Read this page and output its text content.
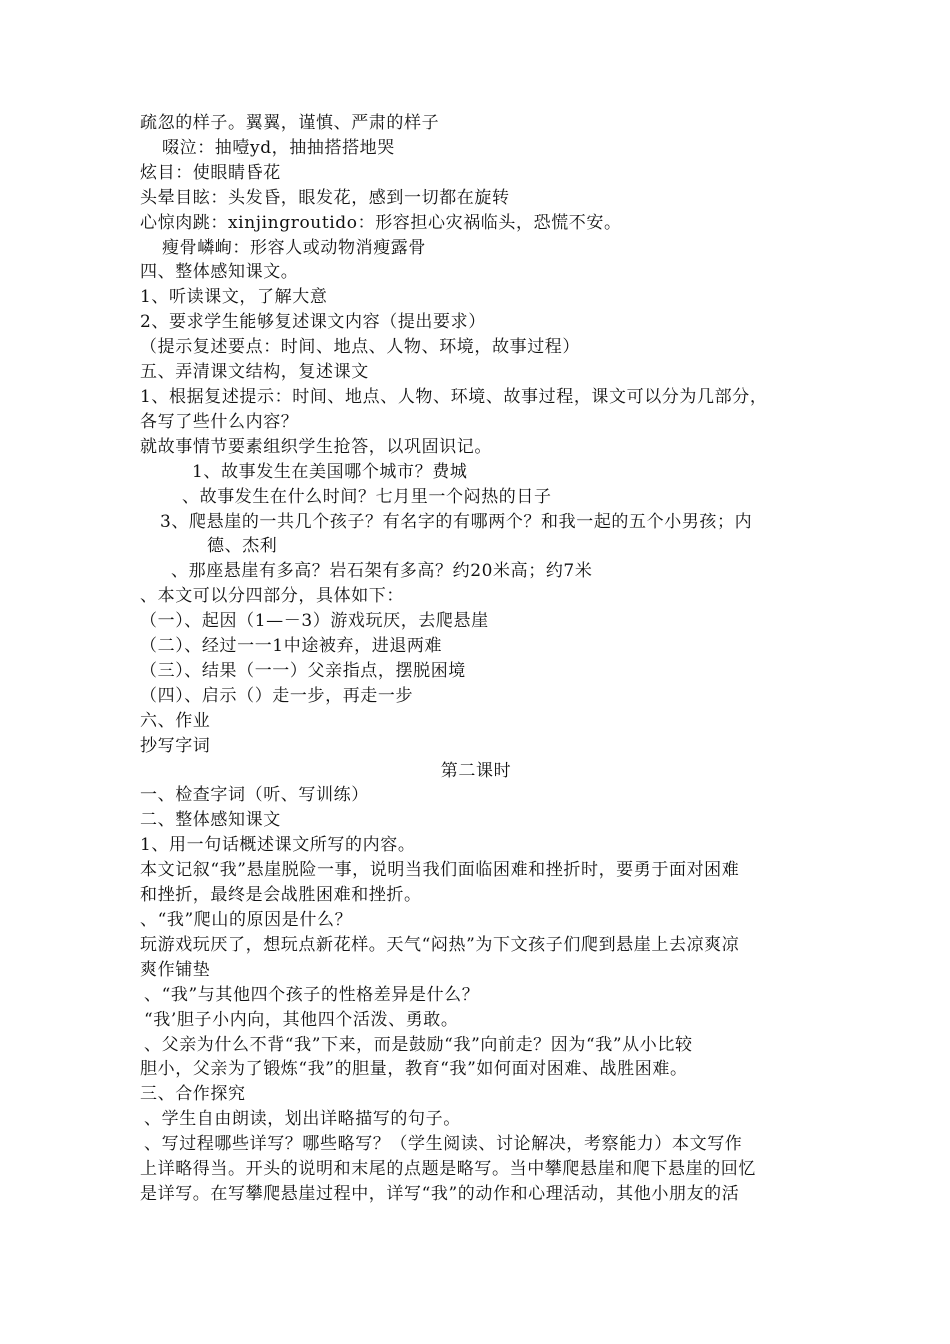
疏忽的样子。翼翼，谨慎、严肃的样子
啜泣：抽噎yd，抽抽搭搭地哭
炫目：使眼睛昏花
头晕目眩：头发昏，眼发花，感到一切都在旋转
心惊肉跳：xinjingroutido：形容担心灾祸临头，恐慌不安。
瘦骨嶙峋：形容人或动物消瘦露骨
四、整体感知课文。
1、听读课文，了解大意
2、要求学生能够复述课文内容（提出要求）
（提示复述要点：时间、地点、人物、环境，故事过程）
五、弄清课文结构，复述课文
1、根据复述提示：时间、地点、人物、环境、故事过程，课文可以分为几部分，
各写了些什么内容？
就故事情节要素组织学生抢答，以巩固识记。
1、故事发生在美国哪个城市？费城
、故事发生在什么时间？七月里一个闷热的日子
3、爬悬崖的一共几个孩子？有名字的有哪两个？和我一起的五个小男孩；内
德、杰利
、那座悬崖有多高？岩石架有多高？约20米高；约7米
、本文可以分四部分，具体如下：
（一）、起因（1—－3）游戏玩厌，去爬悬崖
（二）、经过一一1中途被弃，进退两难
（三）、结果（一一）父亲指点，摆脱困境
（四）、启示（）走一步，再走一步
六、作业
抄写字词
第二课时
一、检查字词（听、写训练）
二、整体感知课文
1、用一句话概述课文所写的内容。
本文记叙“我”悬崖脱险一事，说明当我们面临困难和挫折时，要勇于面对困难
和挫折，最终是会战胜困难和挫折。
、“我”爬山的原因是什么？
玩游戏玩厌了，想玩点新花样。天气“闷热”为下文孩子们爬到悬崖上去凉爽凉
爽作铺垫
、“我”与其他四个孩子的性格差异是什么？
“我’胆子小内向，其他四个活泼、勇敢。
、父亲为什么不背“我”下来，而是鼓励“我”向前走？因为“我”从小比较
胆小，父亲为了锻炼“我”的胆量，教育“我”如何面对困难、战胜困难。
三、合作探究
、学生自由朗读，划出详略描写的句子。
、写过程哪些详写？哪些略写？（学生阅读、讨论解决，考察能力）本文写作
上详略得当。开头的说明和末尾的点题是略写。当中攀爬悬崖和爬下悬崖的回忆
是详写。在写攀爬悬崖过程中，详写“我”的动作和心理活动，其他小朋友的活
